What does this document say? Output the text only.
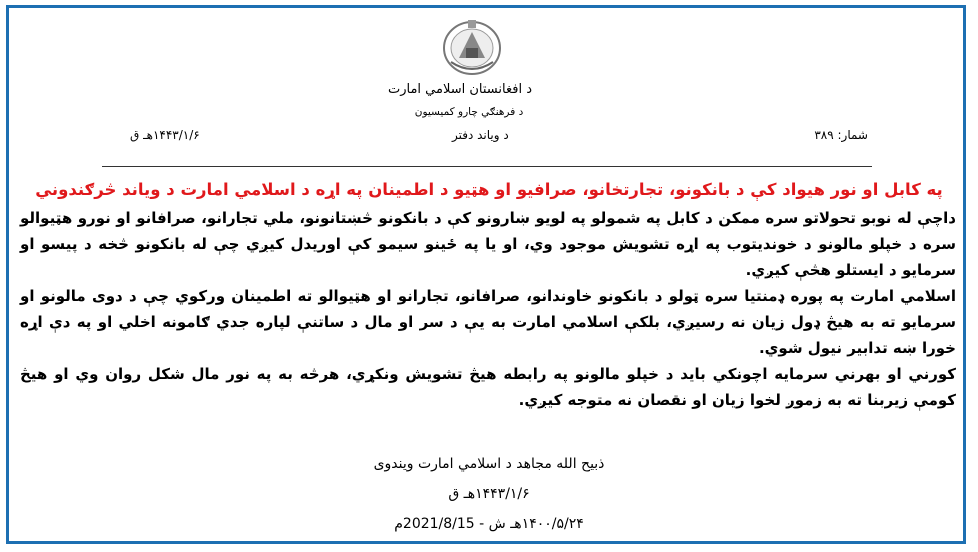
د افغانستان اسلامي امارت
د فرهنګي چارو کمیسیون
شمار: ۳۸۹
د ویاند دفتر
۱۴۴۳/۱/۶هـ ق
په کابل او نور هیواد کې د بانکونو، تجارتخانو، صرافیو او هټیو د اطمینان په اړه د اسلامي امارت د ویاند څرګندوني

داچې له نوبو تحولاتو سره ممکن د کابل په شمولو په لویو ښارونو کې د بانکونو څښتانونو، ملي تجارانو، صرافانو او نورو هټیوالو سره د خپلو مالونو د خونديتوب په اړه تشويش موجود وي، او يا په ځينو سيمو کې اوريدل کيږي چې له بانکونو څخه د پيسو او سرمايو د ايستلو هڅې کيږي.

اسلامي امارت په پوره ډمنتيا سره ټولو د بانکونو خاوندانو، صرافانو، تجارانو او هټيوالو ته اطمينان ورکوي چې د دوی مالونو او سرمايو ته به هيڅ ډول زيان نه رسيږي، بلکې اسلامي امارت به يې د سر او مال د ساتنې لپاره جدي ګامونه اخلي او په دې اړه خورا ښه تدابير نيول شوي.

کورني او بهرني سرمايه اچونکي بايد د خپلو مالونو په رابطه هيڅ تشويش ونکړي، هرڅه به په نور مال شکل روان وي او هيڅ کومې زيربنا ته به زموږ لخوا زيان او نقصان نه متوجه کيږي.

ذبیح الله مجاهد د اسلامي امارت ویندوی
۱۴۴۳/۱/۶هـ ق
۱۴۰۰/۵/۲۴هـ ش - 2021/8/15م
